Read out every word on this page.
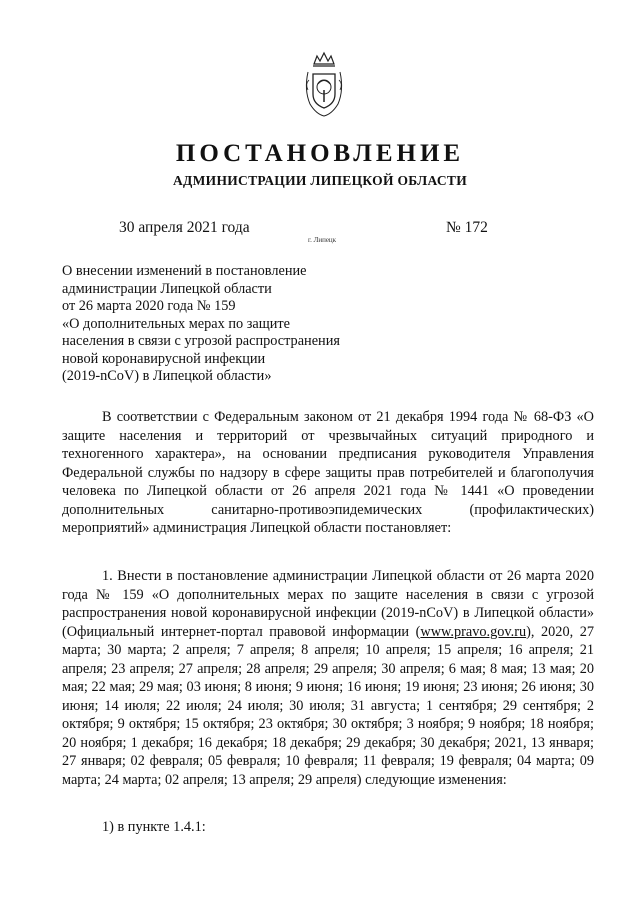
ПОСТАНОВЛЕНИЕ
АДМИНИСТРАЦИИ ЛИПЕЦКОЙ ОБЛАСТИ
30 апреля 2021 года
г. Липецк
№ 172
О внесении изменений в постановление
администрации Липецкой области
от 26 марта 2020 года № 159
«О дополнительных мерах по защите
населения в связи с угрозой распространения
новой коронавирусной инфекции
(2019-nCoV) в Липецкой области»

В соответствии с Федеральным законом от 21 декабря 1994 года № 68-ФЗ «О защите населения и территорий от чрезвычайных ситуаций природного и техногенного характера», на основании предписания руководителя Управления Федеральной службы по надзору в сфере защиты прав потребителей и благополучия человека по Липецкой области от 26 апреля 2021 года № 1441 «О проведении дополнительных санитарно-противоэпидемических (профилактических) мероприятий» администрация Липецкой области постановляет:

1. Внести в постановление администрации Липецкой области от 26 марта 2020 года № 159 «О дополнительных мерах по защите населения в связи с угрозой распространения новой коронавирусной инфекции (2019-nCoV) в Липецкой области» (Официальный интернет-портал правовой информации (www.pravo.gov.ru), 2020, 27 марта; 30 марта; 2 апреля; 7 апреля; 8 апреля; 10 апреля; 15 апреля; 16 апреля; 21 апреля; 23 апреля; 27 апреля; 28 апреля; 29 апреля; 30 апреля; 6 мая; 8 мая; 13 мая; 20 мая; 22 мая; 29 мая; 03 июня; 8 июня; 9 июня; 16 июня; 19 июня; 23 июня; 26 июня; 30 июня; 14 июля; 22 июля; 24 июля; 30 июля; 31 августа; 1 сентября; 29 сентября; 2 октября; 9 октября; 15 октября; 23 октября; 30 октября; 3 ноября; 9 ноября; 18 ноября; 20 ноября; 1 декабря; 16 декабря; 18 декабря; 29 декабря; 30 декабря; 2021, 13 января; 27 января; 02 февраля; 05 февраля; 10 февраля; 11 февраля; 19 февраля; 04 марта; 09 марта; 24 марта; 02 апреля; 13 апреля; 29 апреля) следующие изменения:

1) в пункте 1.4.1:
